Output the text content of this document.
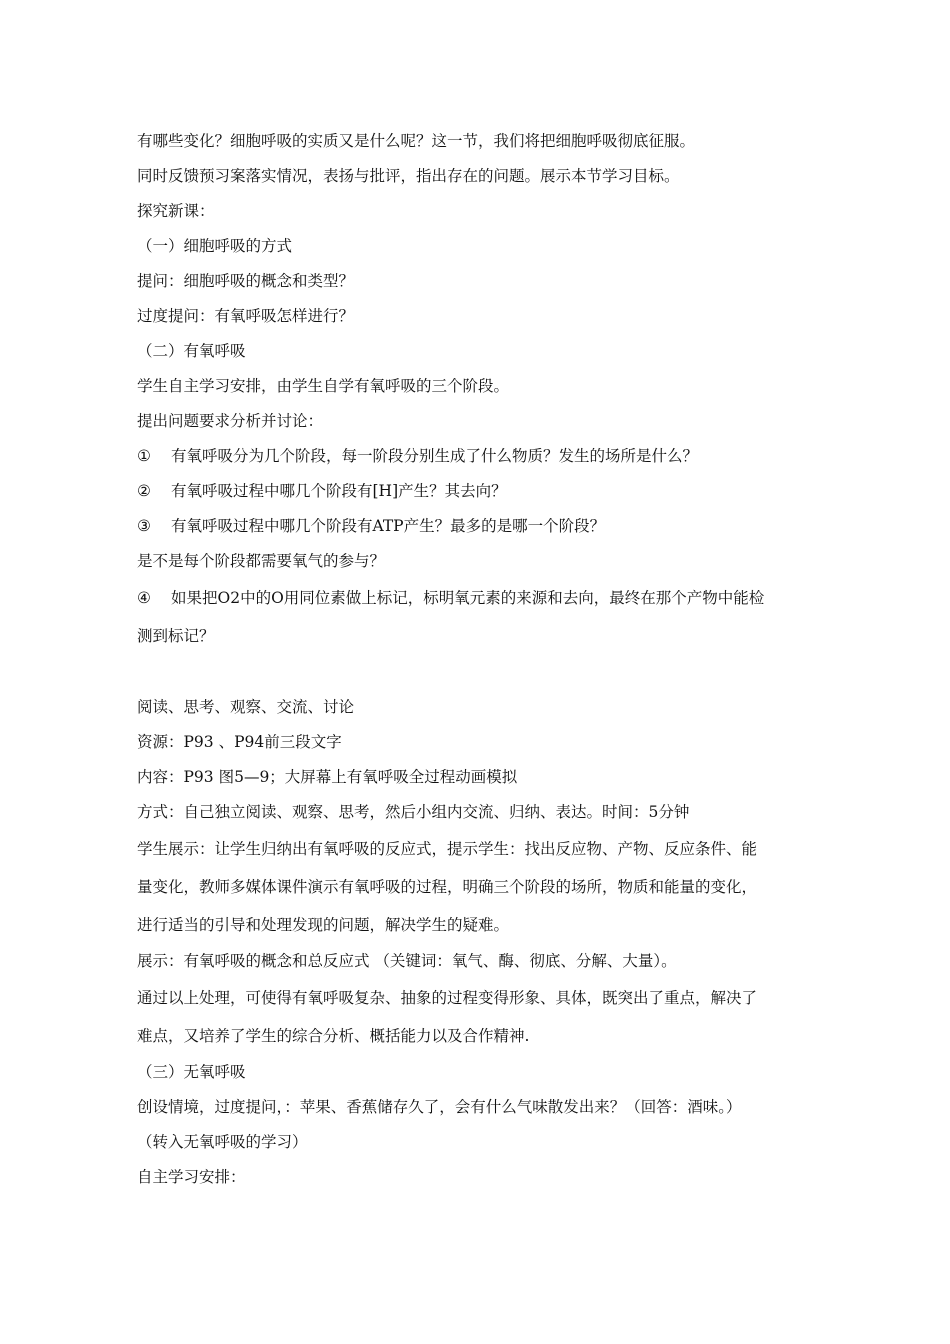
有哪些变化？细胞呼吸的实质又是什么呢？这一节，我们将把细胞呼吸彻底征服。
同时反馈预习案落实情况，表扬与批评，指出存在的问题。展示本节学习目标。
探究新课：
（一）细胞呼吸的方式
提问：细胞呼吸的概念和类型？
过度提问：有氧呼吸怎样进行？
（二）有氧呼吸
学生自主学习安排，由学生自学有氧呼吸的三个阶段。
提出问题要求分析并讨论：
① 有氧呼吸分为几个阶段，每一阶段分别生成了什么物质？发生的场所是什么？
② 有氧呼吸过程中哪几个阶段有[H]产生？其去向？
③ 有氧呼吸过程中哪几个阶段有ATP产生？最多的是哪一个阶段？
是不是每个阶段都需要氧气的参与？
④ 如果把O2中的O用同位素做上标记，标明氧元素的来源和去向，最终在那个产物中能检
测到标记？
阅读、思考、观察、交流、讨论
资源：P93 、P94前三段文字
内容：P93 图5—9；大屏幕上有氧呼吸全过程动画模拟
方式：自己独立阅读、观察、思考，然后小组内交流、归纳、表达。时间：5分钟
学生展示：让学生归纳出有氧呼吸的反应式，提示学生：找出反应物、产物、反应条件、能
量变化，教师多媒体课件演示有氧呼吸的过程，明确三个阶段的场所，物质和能量的变化，
进行适当的引导和处理发现的问题，解决学生的疑难。
展示：有氧呼吸的概念和总反应式 （关键词：氧气、酶、彻底、分解、大量）。
通过以上处理，可使得有氧呼吸复杂、抽象的过程变得形象、具体，既突出了重点，解决了
难点，又培养了学生的综合分析、概括能力以及合作精神.
（三）无氧呼吸
创设情境，过度提问，：苹果、香蕉储存久了，会有什么气味散发出来？（回答：酒味。）
（转入无氧呼吸的学习）
自主学习安排：
